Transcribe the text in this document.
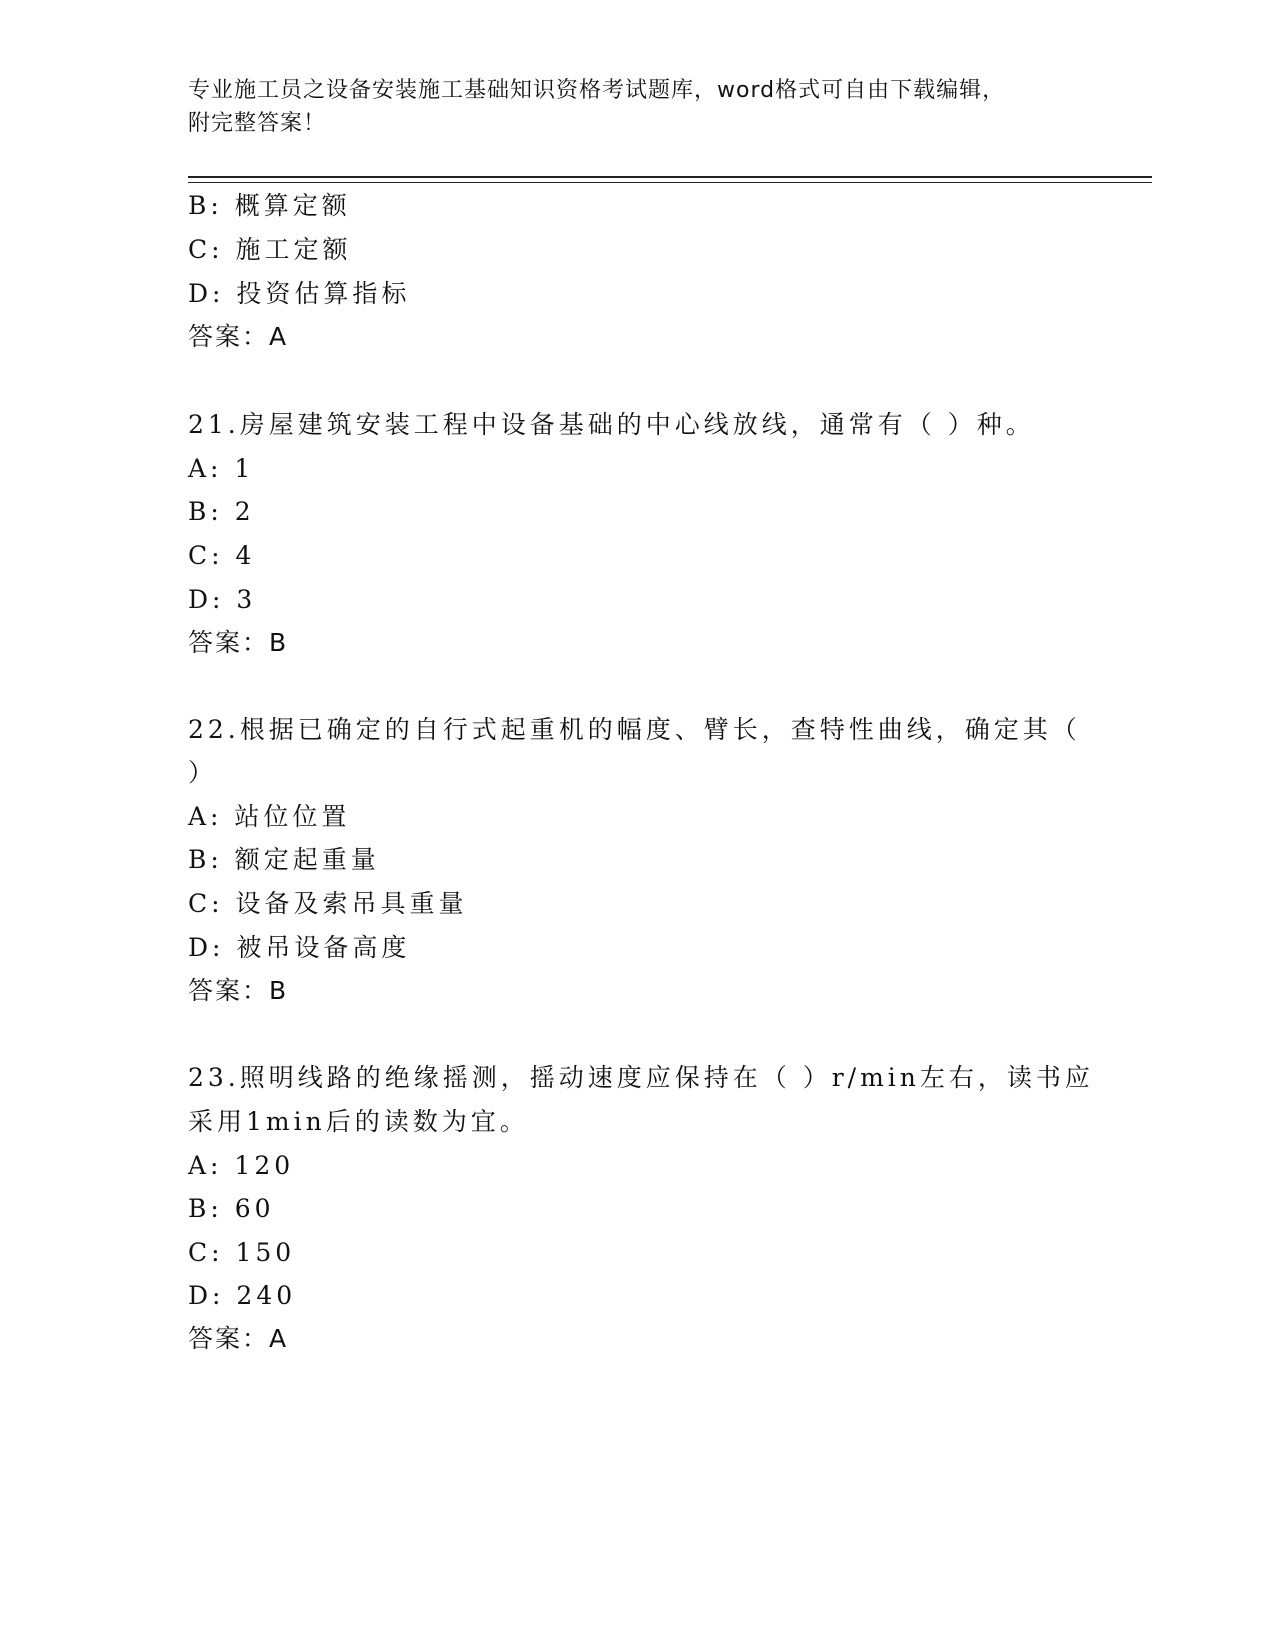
专业施工员之设备安装施工基础知识资格考试题库，word格式可自由下载编辑，
附完整答案！
B: 概算定额
C: 施工定额
D: 投资估算指标
答案：A
21.房屋建筑安装工程中设备基础的中心线放线，通常有（ ）种。
A: 1
B: 2
C: 4
D: 3
答案：B
22.根据已确定的自行式起重机的幅度、臂长，查特性曲线，确定其（
）
A: 站位位置
B: 额定起重量
C: 设备及索吊具重量
D: 被吊设备高度
答案：B
23.照明线路的绝缘摇测，摇动速度应保持在（ ）r/min左右，读书应
采用1min后的读数为宜。
A: 120
B: 60
C: 150
D: 240
答案：A
